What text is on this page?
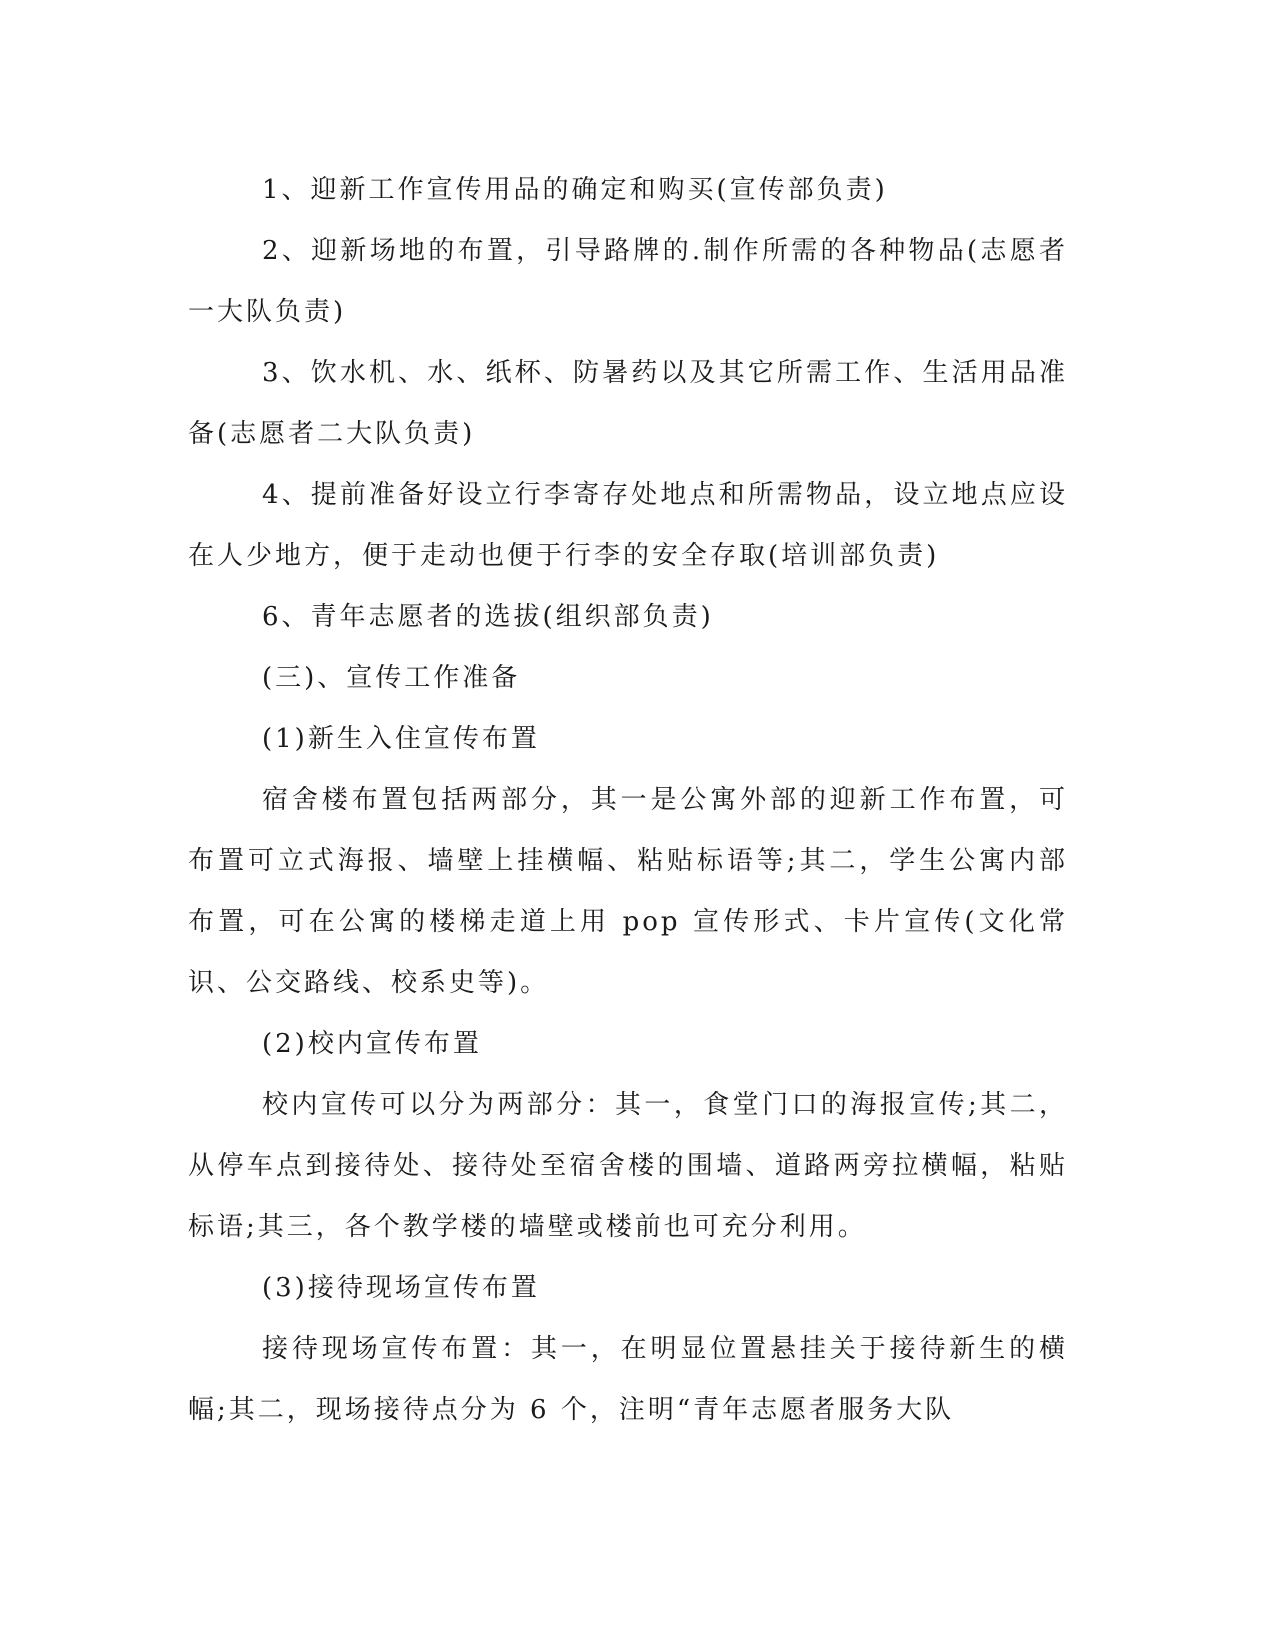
1、迎新工作宣传用品的确定和购买(宣传部负责)

2、迎新场地的布置，引导路牌的.制作所需的各种物品(志愿者一大队负责)

3、饮水机、水、纸杯、防暑药以及其它所需工作、生活用品准备(志愿者二大队负责)

4、提前准备好设立行李寄存处地点和所需物品，设立地点应设在人少地方，便于走动也便于行李的安全存取(培训部负责)

6、青年志愿者的选拔(组织部负责)

(三)、宣传工作准备

(1)新生入住宣传布置

宿舍楼布置包括两部分，其一是公寓外部的迎新工作布置，可布置可立式海报、墙壁上挂横幅、粘贴标语等;其二，学生公寓内部布置，可在公寓的楼梯走道上用 pop 宣传形式、卡片宣传(文化常识、公交路线、校系史等)。

(2)校内宣传布置

校内宣传可以分为两部分：其一，食堂门口的海报宣传;其二，从停车点到接待处、接待处至宿舍楼的围墙、道路两旁拉横幅，粘贴标语;其三，各个教学楼的墙壁或楼前也可充分利用。

(3)接待现场宣传布置

接待现场宣传布置：其一，在明显位置悬挂关于接待新生的横幅;其二，现场接待点分为 6 个，注明“青年志愿者服务大队
